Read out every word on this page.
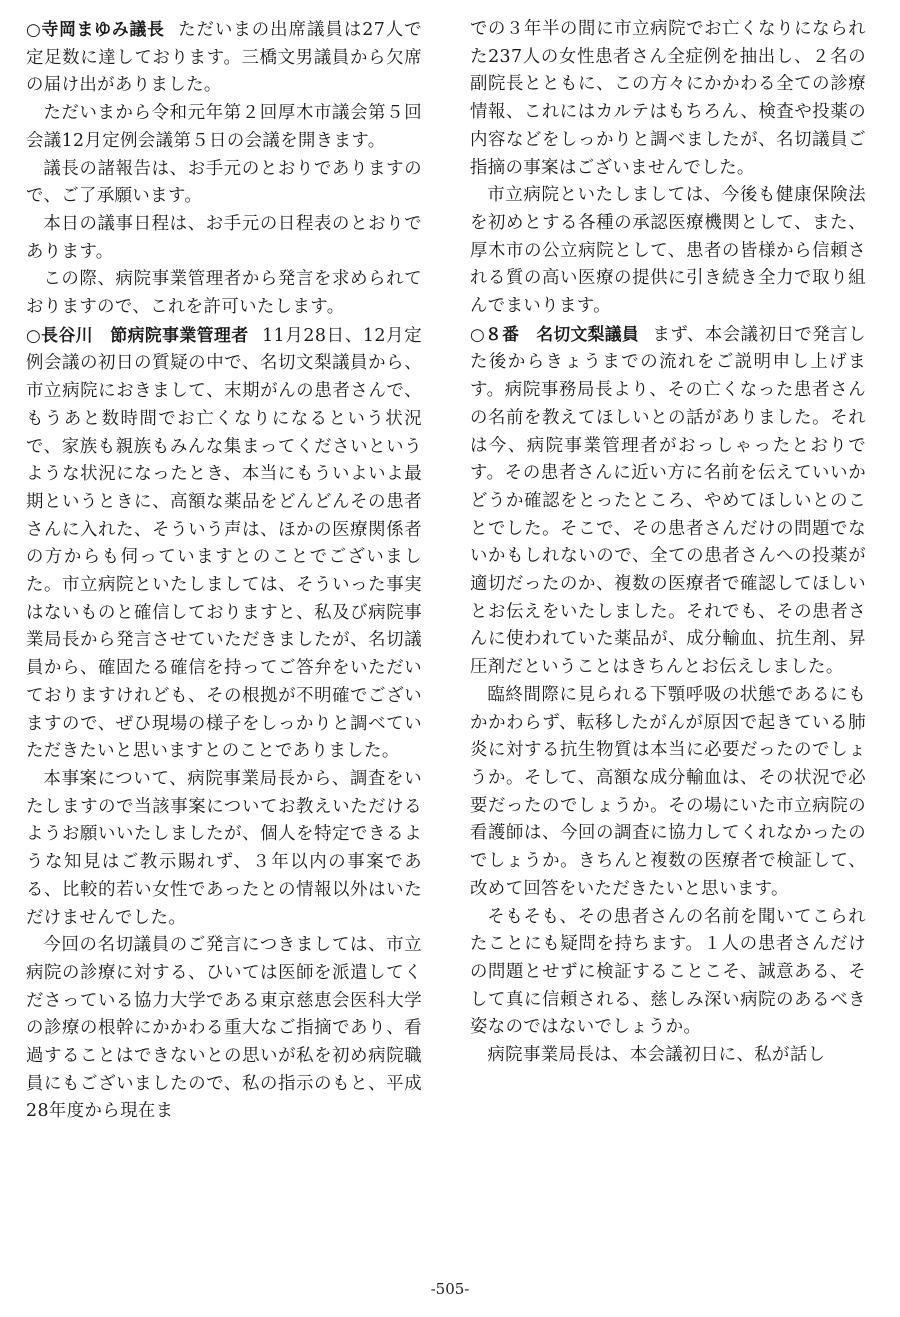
○寺岡まゆみ議長 ただいまの出席議員は27人で定足数に達しております。三橋文男議員から欠席の届け出がありました。

ただいまから令和元年第２回厚木市議会第５回会議12月定例会議第５日の会議を開きます。

議長の諸報告は、お手元のとおりでありますので、ご了承願います。

本日の議事日程は、お手元の日程表のとおりであります。

この際、病院事業管理者から発言を求められておりますので、これを許可いたします。

○長谷川　節病院事業管理者 11月28日、12月定例会議の初日の質疑の中で、名切文梨議員から、市立病院におきまして、末期がんの患者さんで、もうあと数時間でお亡くなりになるという状況で、家族も親族もみんな集まってくださいというような状況になったとき、本当にもういよいよ最期というときに、高額な薬品をどんどんその患者さんに入れた、そういう声は、ほかの医療関係者の方からも伺っていますとのことでございました。市立病院といたしましては、そういった事実はないものと確信しておりますと、私及び病院事業局長から発言させていただきましたが、名切議員から、確固たる確信を持ってご答弁をいただいておりますけれども、その根拠が不明確でございますので、ぜひ現場の様子をしっかりと調べていただきたいと思いますとのことでありました。

本事案について、病院事業局長から、調査をいたしますので当該事案についてお教えいただけるようお願いいたしましたが、個人を特定できるような知見はご教示賜れず、３年以内の事案である、比較的若い女性であったとの情報以外はいただけませんでした。

今回の名切議員のご発言につきましては、市立病院の診療に対する、ひいては医師を派遣してくださっている協力大学である東京慈恵会医科大学の診療の根幹にかかわる重大なご指摘であり、看過することはできないとの思いが私を初め病院職員にもございましたので、私の指示のもと、平成28年度から現在ま

での３年半の間に市立病院でお亡くなりになられた237人の女性患者さん全症例を抽出し、２名の副院長とともに、この方々にかかわる全ての診療情報、これにはカルテはもちろん、検査や投薬の内容などをしっかりと調べましたが、名切議員ご指摘の事案はございませんでした。

市立病院といたしましては、今後も健康保険法を初めとする各種の承認医療機関として、また、厚木市の公立病院として、患者の皆様から信頼される質の高い医療の提供に引き続き全力で取り組んでまいります。

○８番　名切文梨議員 まず、本会議初日で発言した後からきょうまでの流れをご説明申し上げます。病院事務局長より、その亡くなった患者さんの名前を教えてほしいとの話がありました。それは今、病院事業管理者がおっしゃったとおりです。その患者さんに近い方に名前を伝えていいかどうか確認をとったところ、やめてほしいとのことでした。そこで、その患者さんだけの問題でないかもしれないので、全ての患者さんへの投薬が適切だったのか、複数の医療者で確認してほしいとお伝えをいたしました。それでも、その患者さんに使われていた薬品が、成分輸血、抗生剤、昇圧剤だということはきちんとお伝えしました。

臨終間際に見られる下顎呼吸の状態であるにもかかわらず、転移したがんが原因で起きている肺炎に対する抗生物質は本当に必要だったのでしょうか。そして、高額な成分輸血は、その状況で必要だったのでしょうか。その場にいた市立病院の看護師は、今回の調査に協力してくれなかったのでしょうか。きちんと複数の医療者で検証して、改めて回答をいただきたいと思います。

そもそも、その患者さんの名前を聞いてこられたことにも疑問を持ちます。１人の患者さんだけの問題とせずに検証することこそ、誠意ある、そして真に信頼される、慈しみ深い病院のあるべき姿なのではないでしょうか。

病院事業局長は、本会議初日に、私が話し

-505-
